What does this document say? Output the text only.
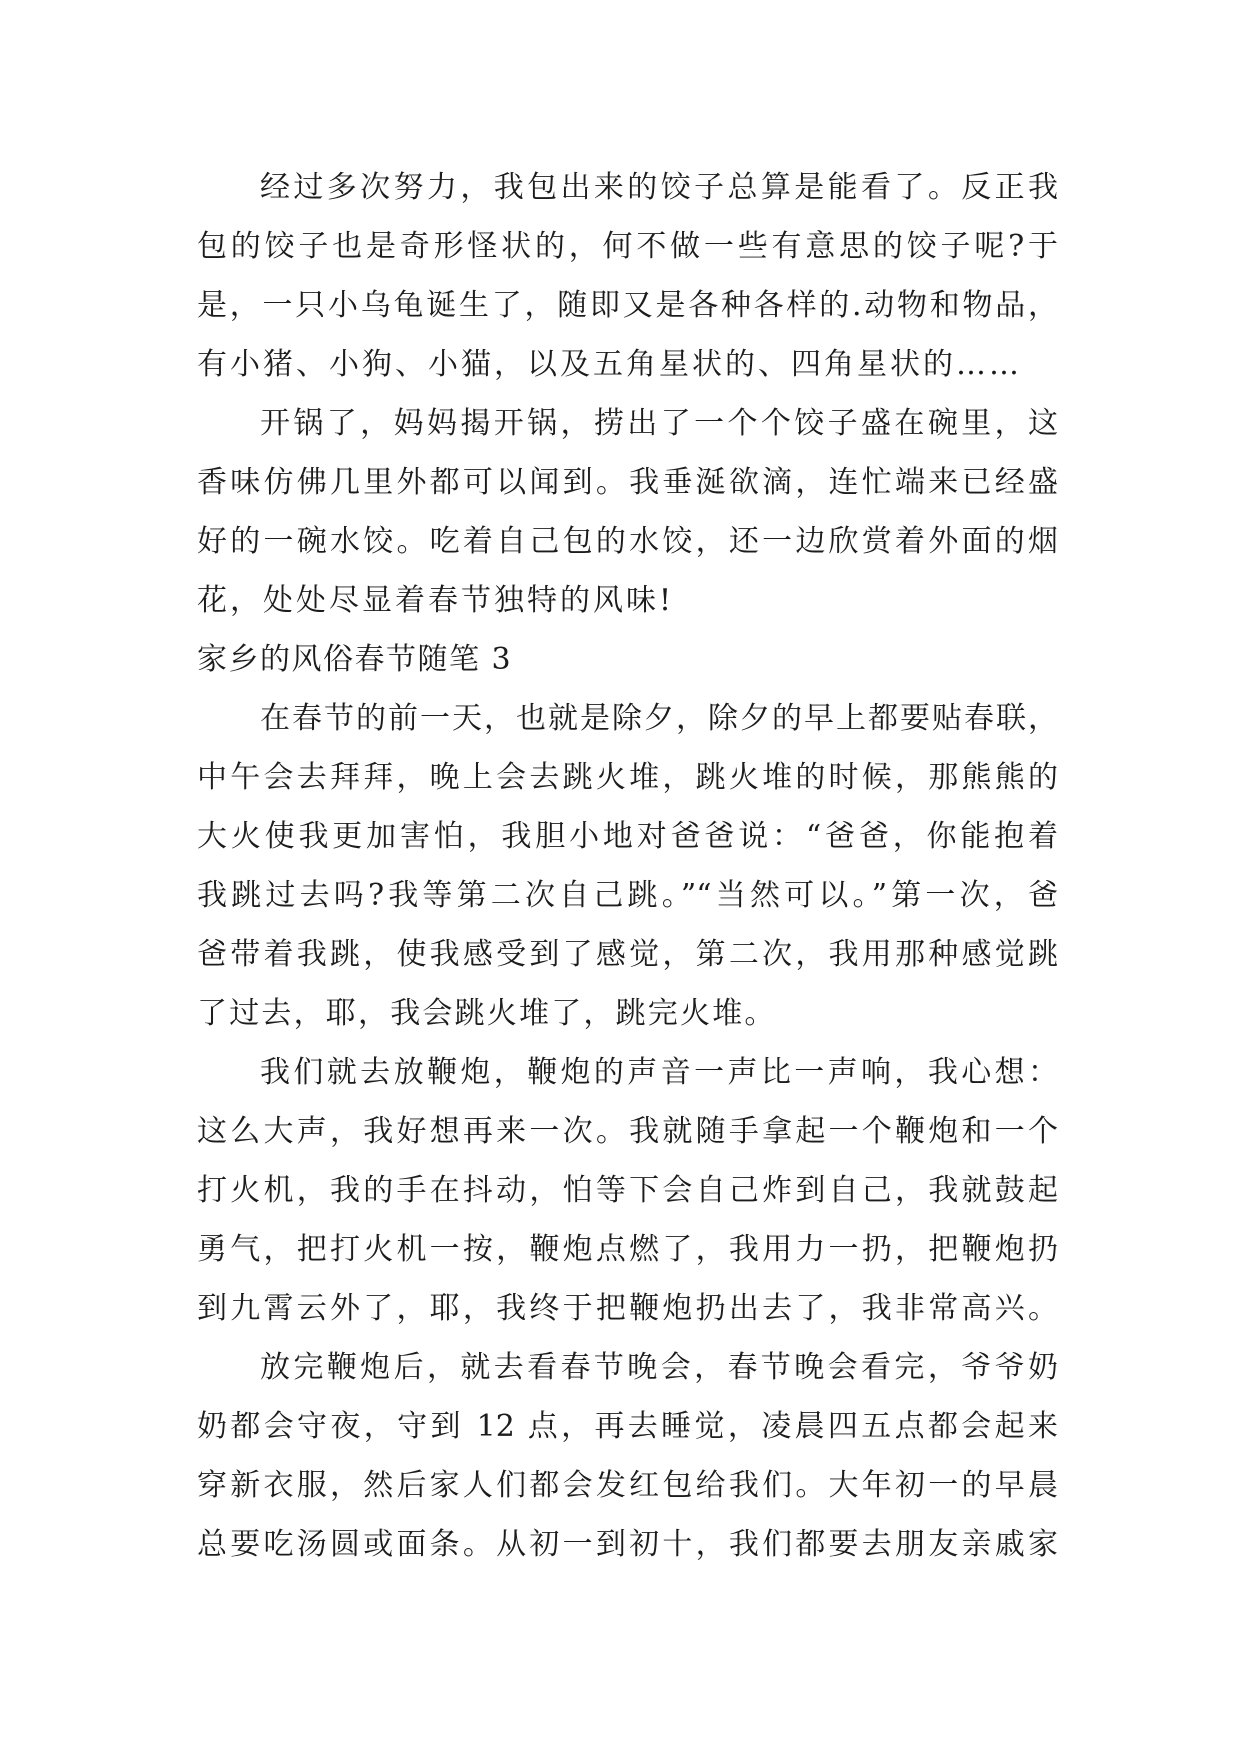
经过多次努力，我包出来的饺子总算是能看了。反正我
包的饺子也是奇形怪状的，何不做一些有意思的饺子呢?于
是，一只小乌龟诞生了，随即又是各种各样的.动物和物品，
有小猪、小狗、小猫，以及五角星状的、四角星状的……
开锅了，妈妈揭开锅，捞出了一个个饺子盛在碗里，这
香味仿佛几里外都可以闻到。我垂涎欲滴，连忙端来已经盛
好的一碗水饺。吃着自己包的水饺，还一边欣赏着外面的烟
花，处处尽显着春节独特的风味!
家乡的风俗春节随笔 3
在春节的前一天，也就是除夕，除夕的早上都要贴春联，
中午会去拜拜，晚上会去跳火堆，跳火堆的时候，那熊熊的
大火使我更加害怕，我胆小地对爸爸说：“爸爸，你能抱着
我跳过去吗?我等第二次自己跳。”“当然可以。”第一次，爸
爸带着我跳，使我感受到了感觉，第二次，我用那种感觉跳
了过去，耶，我会跳火堆了，跳完火堆。
我们就去放鞭炮，鞭炮的声音一声比一声响，我心想：
这么大声，我好想再来一次。我就随手拿起一个鞭炮和一个
打火机，我的手在抖动，怕等下会自己炸到自己，我就鼓起
勇气，把打火机一按，鞭炮点燃了，我用力一扔，把鞭炮扔
到九霄云外了，耶，我终于把鞭炮扔出去了，我非常高兴。
放完鞭炮后，就去看春节晚会，春节晚会看完，爷爷奶
奶都会守夜，守到 12 点，再去睡觉，凌晨四五点都会起来
穿新衣服，然后家人们都会发红包给我们。大年初一的早晨
总要吃汤圆或面条。从初一到初十，我们都要去朋友亲戚家
